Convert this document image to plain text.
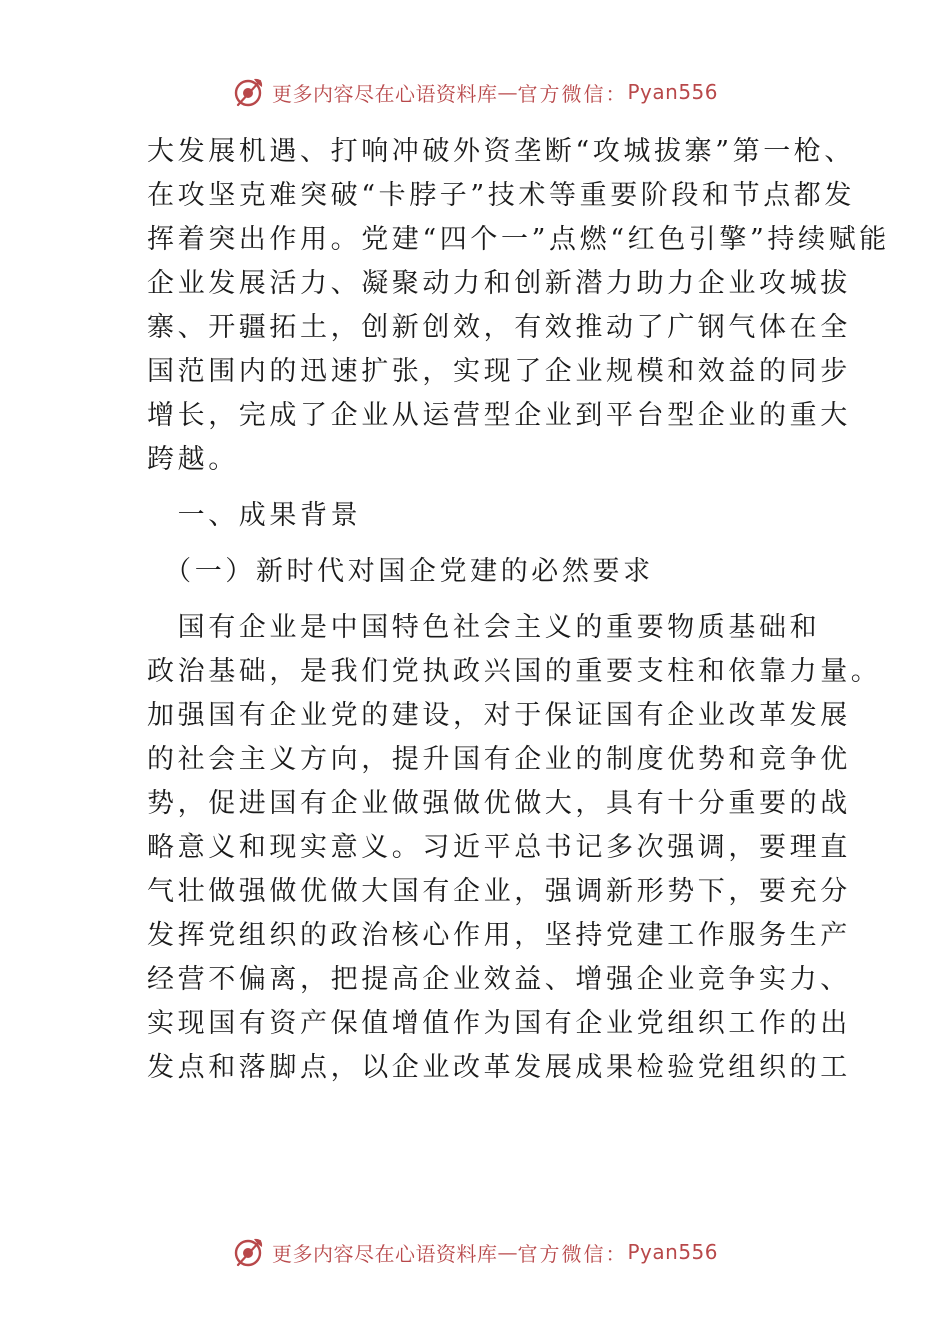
更多内容尽在心语资料库 — 官方微信： Pyan556
大发展机遇、打响冲破外资垄断“攻城拔寨”第一枪、
在攻坚克难突破“卡脖子”技术等重要阶段和节点都发
挥着突出作用。党建“四个一”点燃“红色引擎”持续赋能
企业发展活力、凝聚动力和创新潜力助力企业攻城拔
寨、开疆拓土，创新创效，有效推动了广钢气体在全
国范围内的迅速扩张，实现了企业规模和效益的同步
增长，完成了企业从运营型企业到平台型企业的重大
跨越。
　一、成果背景
　（一）新时代对国企党建的必然要求
　国有企业是中国特色社会主义的重要物质基础和
政治基础，是我们党执政兴国的重要支柱和依靠力量。
加强国有企业党的建设，对于保证国有企业改革发展
的社会主义方向，提升国有企业的制度优势和竞争优
势，促进国有企业做强做优做大，具有十分重要的战
略意义和现实意义。习近平总书记多次强调，要理直
气壮做强做优做大国有企业，强调新形势下，要充分
发挥党组织的政治核心作用，坚持党建工作服务生产
经营不偏离，把提高企业效益、增强企业竞争实力、
实现国有资产保值增值作为国有企业党组织工作的出
发点和落脚点，以企业改革发展成果检验党组织的工
更多内容尽在心语资料库 — 官方微信： Pyan556
